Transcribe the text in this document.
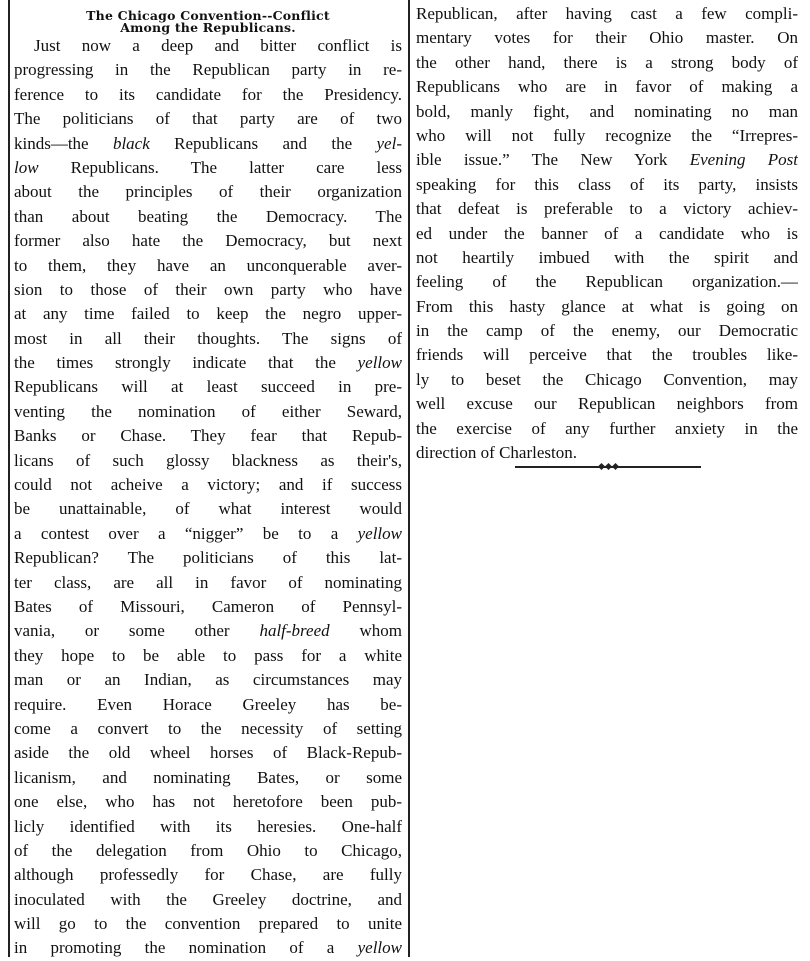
The Chicago Convention--Conflict
Among the Republicans.
Just now a deep and bitter conflict is
progressing in the Republican party in re-
ference to its candidate for the Presidency.
The politicians of that party are of two
kinds—the black Republicans and the yel-
low Republicans. The latter care less
about the principles of their organization
than about beating the Democracy. The
former also hate the Democracy, but next
to them, they have an unconquerable aver-
sion to those of their own party who have
at any time failed to keep the negro upper-
most in all their thoughts. The signs of
the times strongly indicate that the yellow
Republicans will at least succeed in pre-
venting the nomination of either Seward,
Banks or Chase. They fear that Repub-
licans of such glossy blackness as their's,
could not acheive a victory; and if success
be unattainable, of what interest would
a contest over a “nigger” be to a yellow
Republican? The politicians of this lat-
ter class, are all in favor of nominating
Bates of Missouri, Cameron of Pennsyl-
vania, or some other half-breed whom
they hope to be able to pass for a white
man or an Indian, as circumstances may
require. Even Horace Greeley has be-
come a convert to the necessity of setting
aside the old wheel horses of Black-Repub-
licanism, and nominating Bates, or some
one else, who has not heretofore been pub-
licly identified with its heresies. One-half
of the delegation from Ohio to Chicago,
although professedly for Chase, are fully
inoculated with the Greeley doctrine, and
will go to the convention prepared to unite
in promoting the nomination of a yellow
Republican, after having cast a few compli-
mentary votes for their Ohio master. On
the other hand, there is a strong body of
Republicans who are in favor of making a
bold, manly fight, and nominating no man
who will not fully recognize the “Irrepres-
ible issue.” The New York Evening Post
speaking for this class of its party, insists
that defeat is preferable to a victory achiev-
ed under the banner of a candidate who is
not heartily imbued with the spirit and
feeling of the Republican organization.—
From this hasty glance at what is going on
in the camp of the enemy, our Democratic
friends will perceive that the troubles like-
ly to beset the Chicago Convention, may
well excuse our Republican neighbors from
the exercise of any further anxiety in the
direction of Charleston.
